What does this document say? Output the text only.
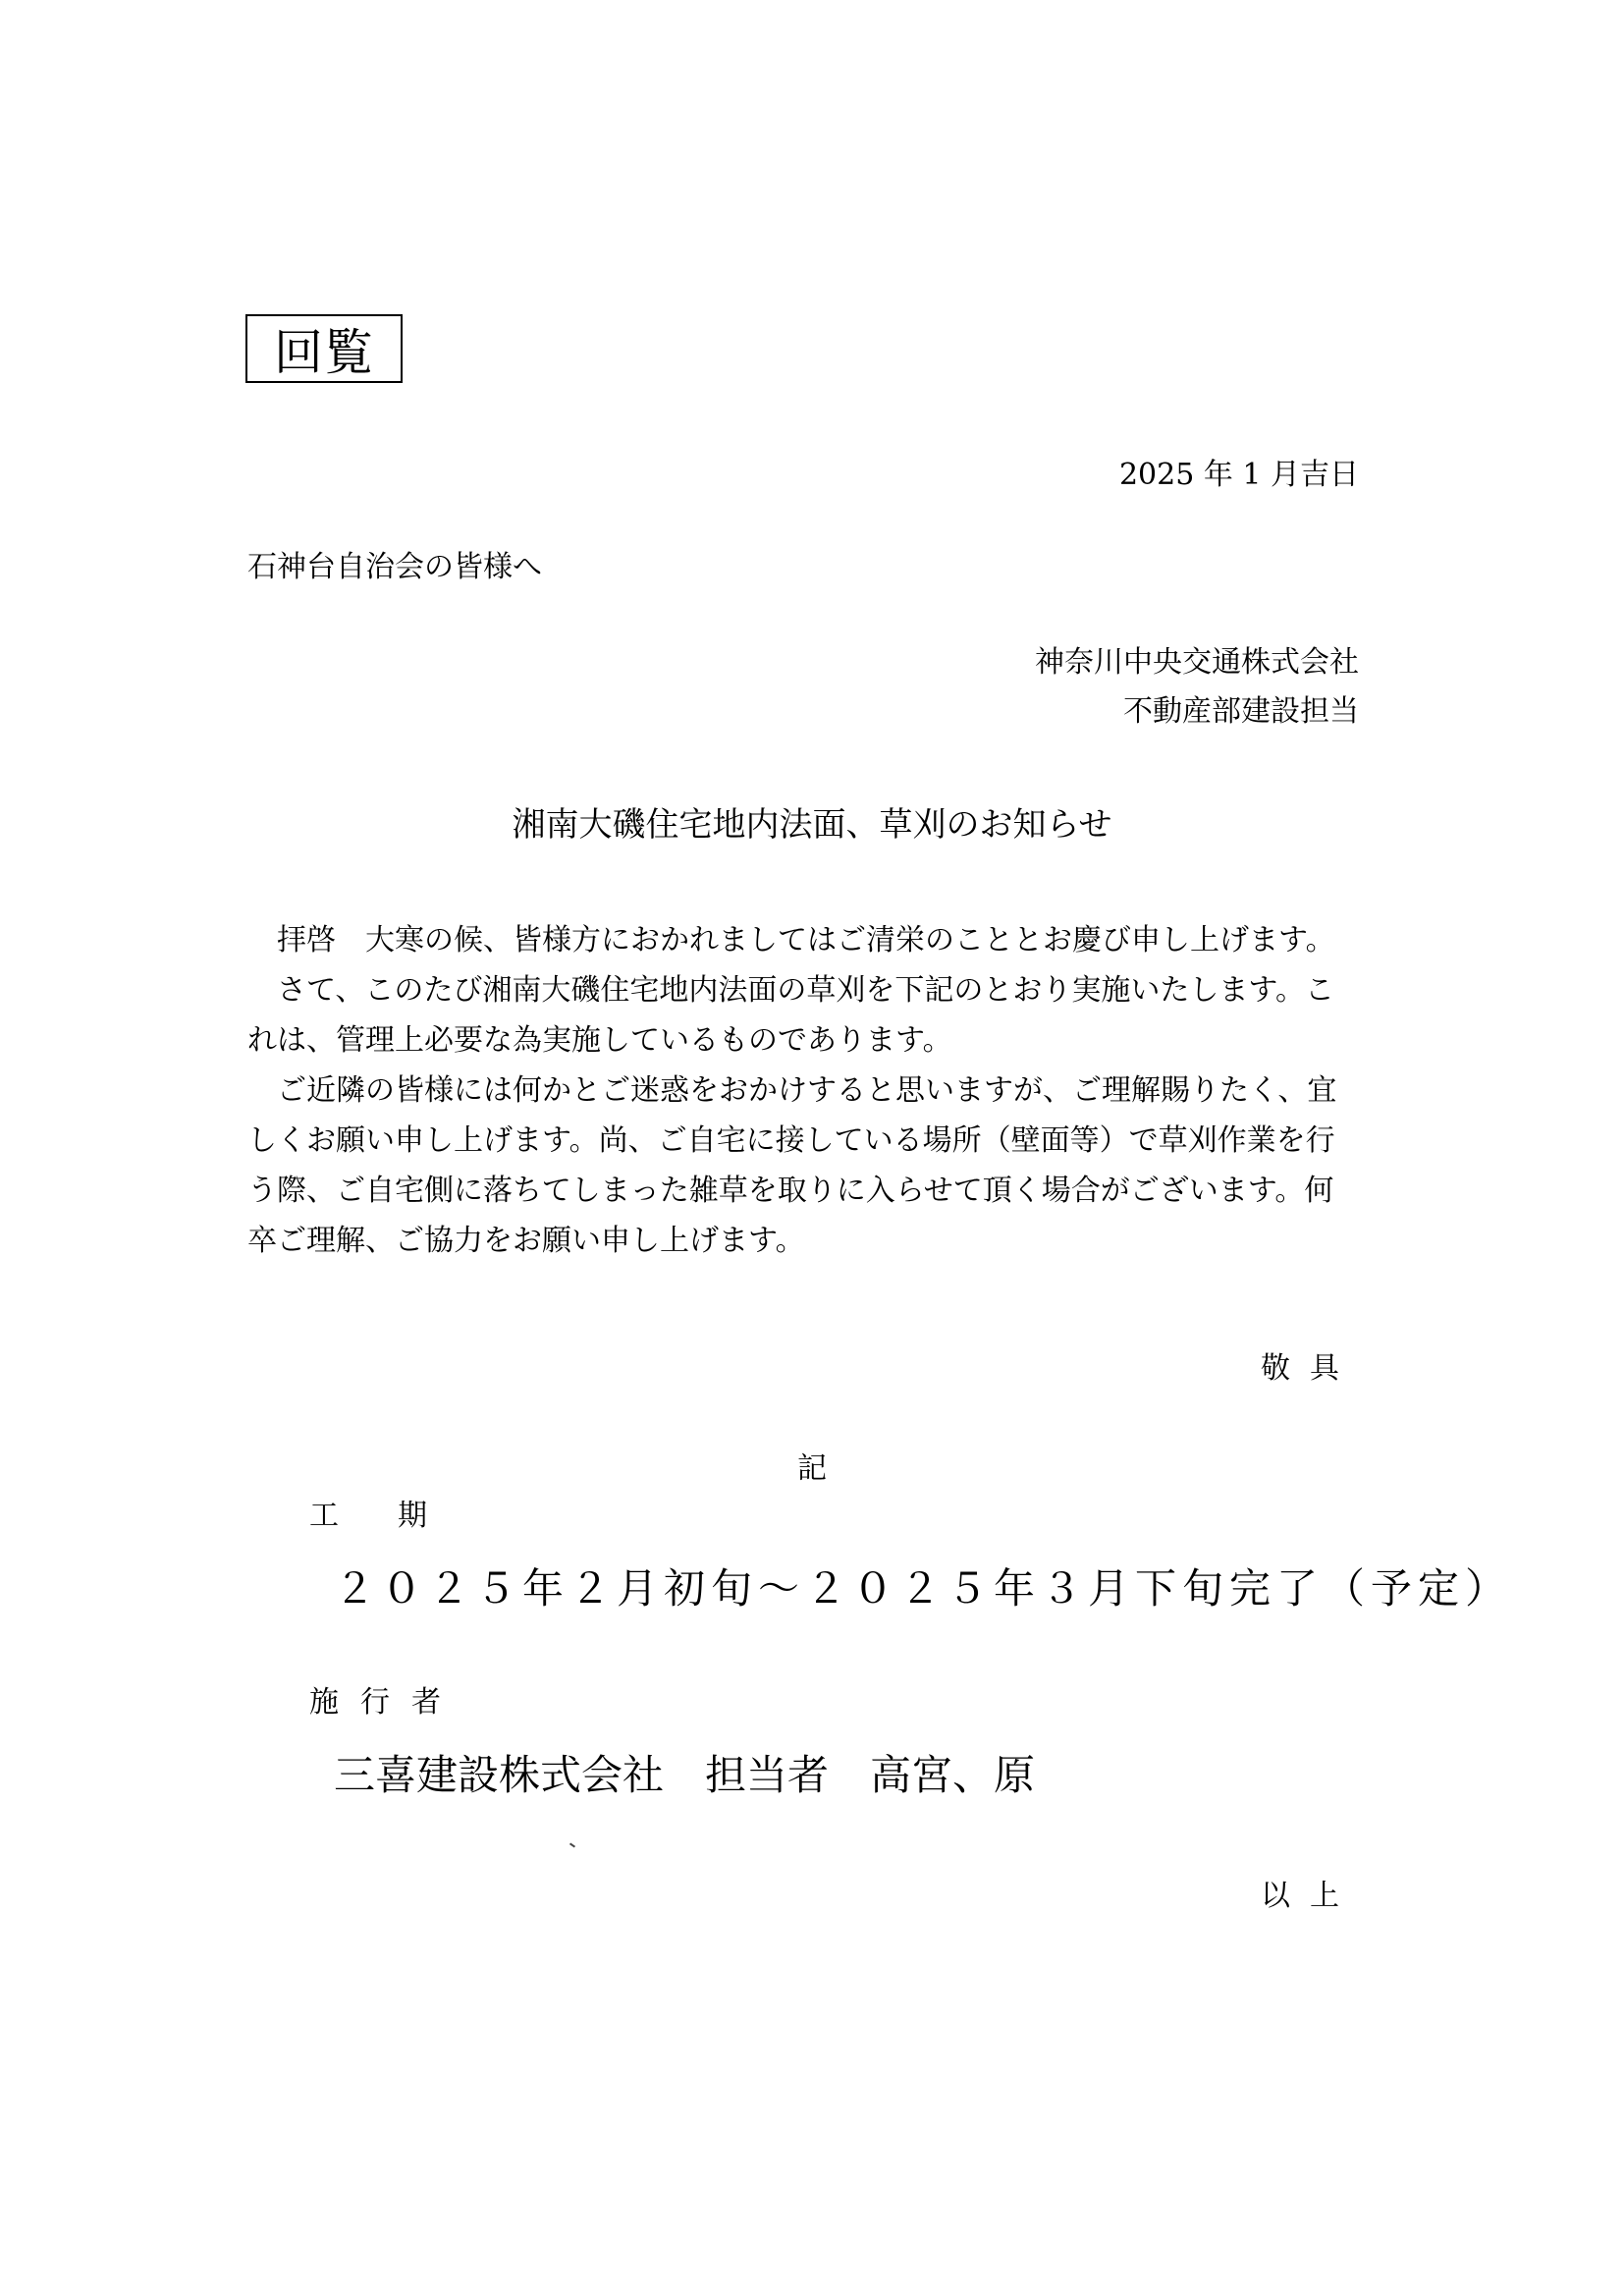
回覧
2025 年 1 月吉日
石神台自治会の皆様へ
神奈川中央交通株式会社
不動産部建設担当
湘南大磯住宅地内法面、草刈のお知らせ

拝啓　大寒の候、皆様方におかれましてはご清栄のこととお慶び申し上げます。

さて、このたび湘南大磯住宅地内法面の草刈を下記のとおり実施いたします。これは、管理上必要な為実施しているものであります。

ご近隣の皆様には何かとご迷惑をおかけすると思いますが、ご理解賜りたく、宜しくお願い申し上げます。尚、ご自宅に接している場所（壁面等）で草刈作業を行う際、ご自宅側に落ちてしまった雑草を取りに入らせて頂く場合がございます。何卒ご理解、ご協力をお願い申し上げます。

敬具
記
工期
２０２５年２月初旬～２０２５年３月下旬完了（予定）
施行者
三喜建設株式会社　担当者　高宮、原
以上
